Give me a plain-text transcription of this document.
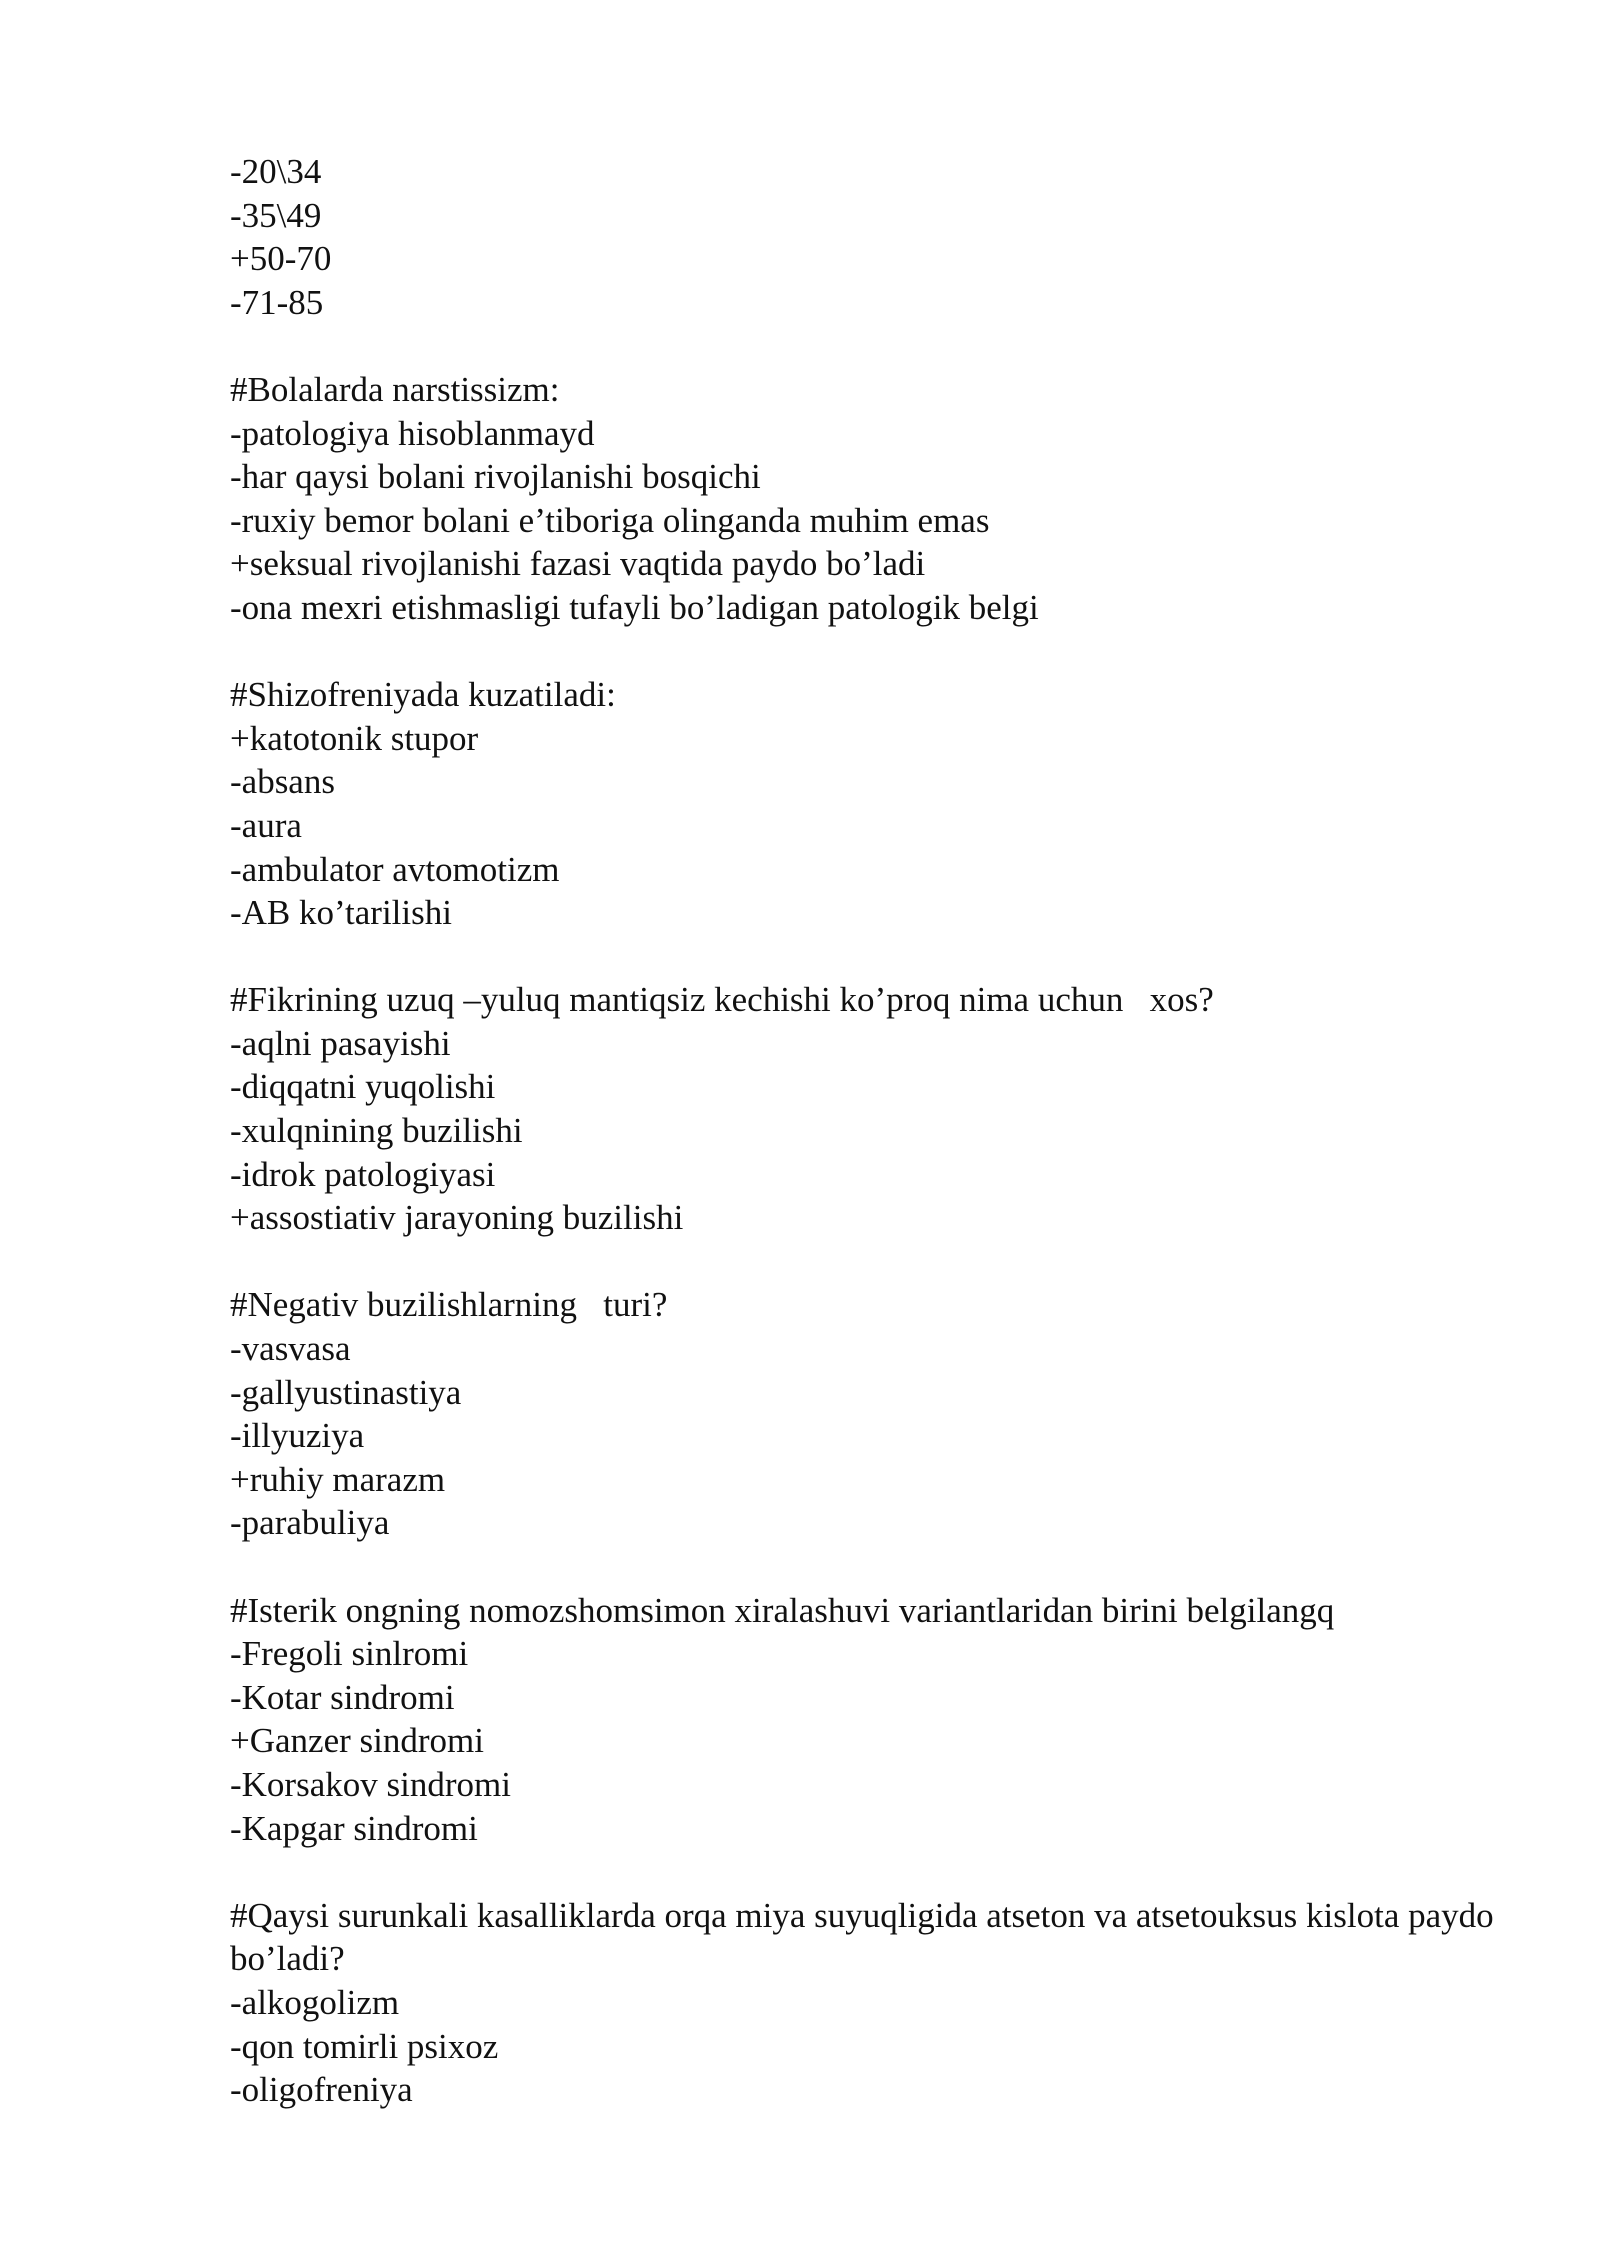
-20\34
-35\49
+50-70
-71-85
#Bolalarda narstissizm:
-patologiya hisoblanmayd
-har qaysi bolani rivojlanishi bosqichi
-ruxiy bemor bolani e’tiboriga olinganda muhim emas
+seksual rivojlanishi fazasi vaqtida paydo bo’ladi
-ona mexri etishmasligi tufayli bo’ladigan patologik belgi
#Shizofreniyada kuzatiladi:
+katotonik stupor
-absans
-aura
-ambulator avtomotizm
-AB ko’tarilishi
#Fikrining uzuq –yuluq mantiqsiz kechishi ko’proq nima uchun   xos?
-aqlni pasayishi
-diqqatni yuqolishi
-xulqnining buzilishi
-idrok patologiyasi
+assostiativ jarayoning buzilishi
#Negativ buzilishlarning   turi?
-vasvasa
-gallyustinastiya
-illyuziya
+ruhiy marazm
-parabuliya
#Isterik ongning nomozshomsimon xiralashuvi variantlaridan birini belgilangq
-Fregoli sinlromi
-Kotar sindromi
+Ganzer sindromi
-Korsakov sindromi
-Kapgar sindromi
#Qaysi surunkali kasalliklarda orqa miya suyuqligida atseton va atsetouksus kislota paydo bo’ladi?
-alkogolizm
-qon tomirli psixoz
-oligofreniya
